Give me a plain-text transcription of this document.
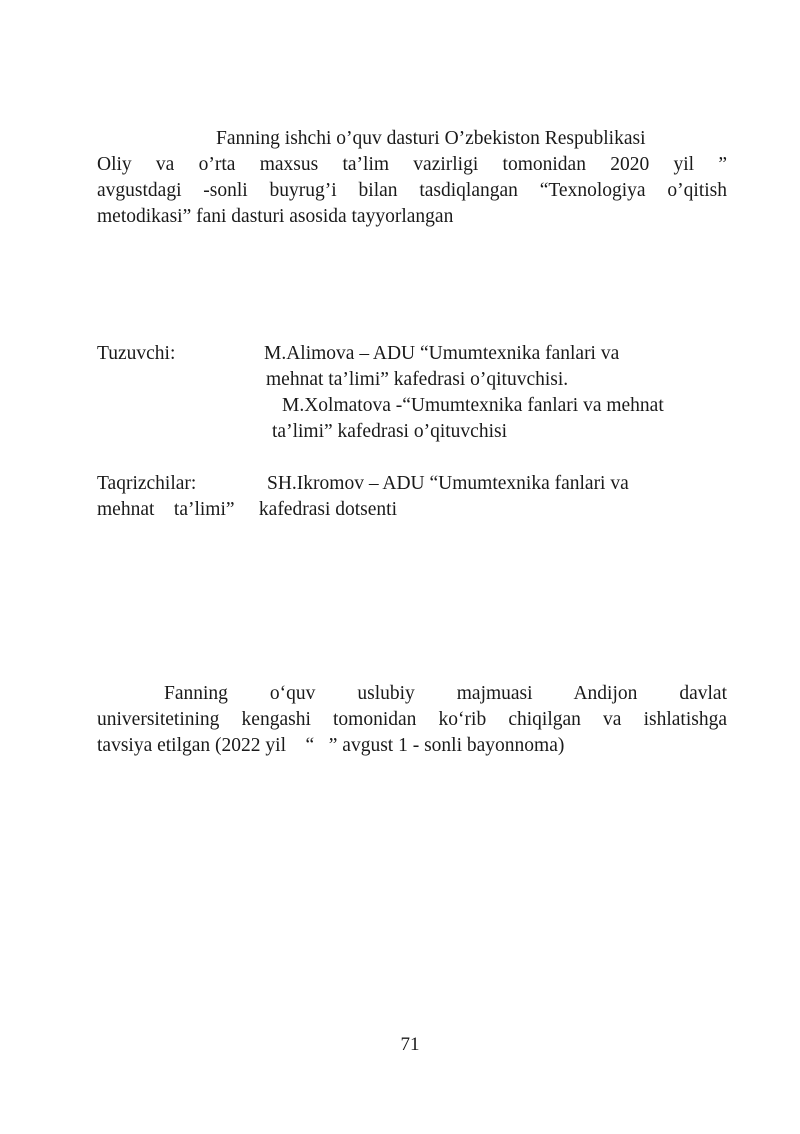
Fanning ishchi o’quv dasturi O’zbekiston Respublikasi
Oliy va o’rta maxsus ta’lim vazirligi tomonidan 2020 yil ”
avgustdagi -sonli buyrug’i bilan tasdiqlangan “Texnologiya o’qitish
metodikasi” fani dasturi asosida tayyorlangan
Tuzuvchi:	M.Alimova – ADU “Umumtexnika fanlari va
mehnat ta’limi” kafedrasi o’qituvchisi.
M.Xolmatova -“Umumtexnika fanlari va mehnat
ta’limi” kafedrasi o’qituvchisi
Taqrizchilar:	SH.Ikromov – ADU “Umumtexnika fanlari va
mehnat    ta’limi”     kafedrasi dotsenti
Fanning o‘quv uslubiy majmuasi Andijon davlat
universitetining kengashi tomonidan ko‘rib chiqilgan va ishlatishga
tavsiya etilgan (2022 yil    “   ” avgust 1 - sonli bayonnoma)
71
